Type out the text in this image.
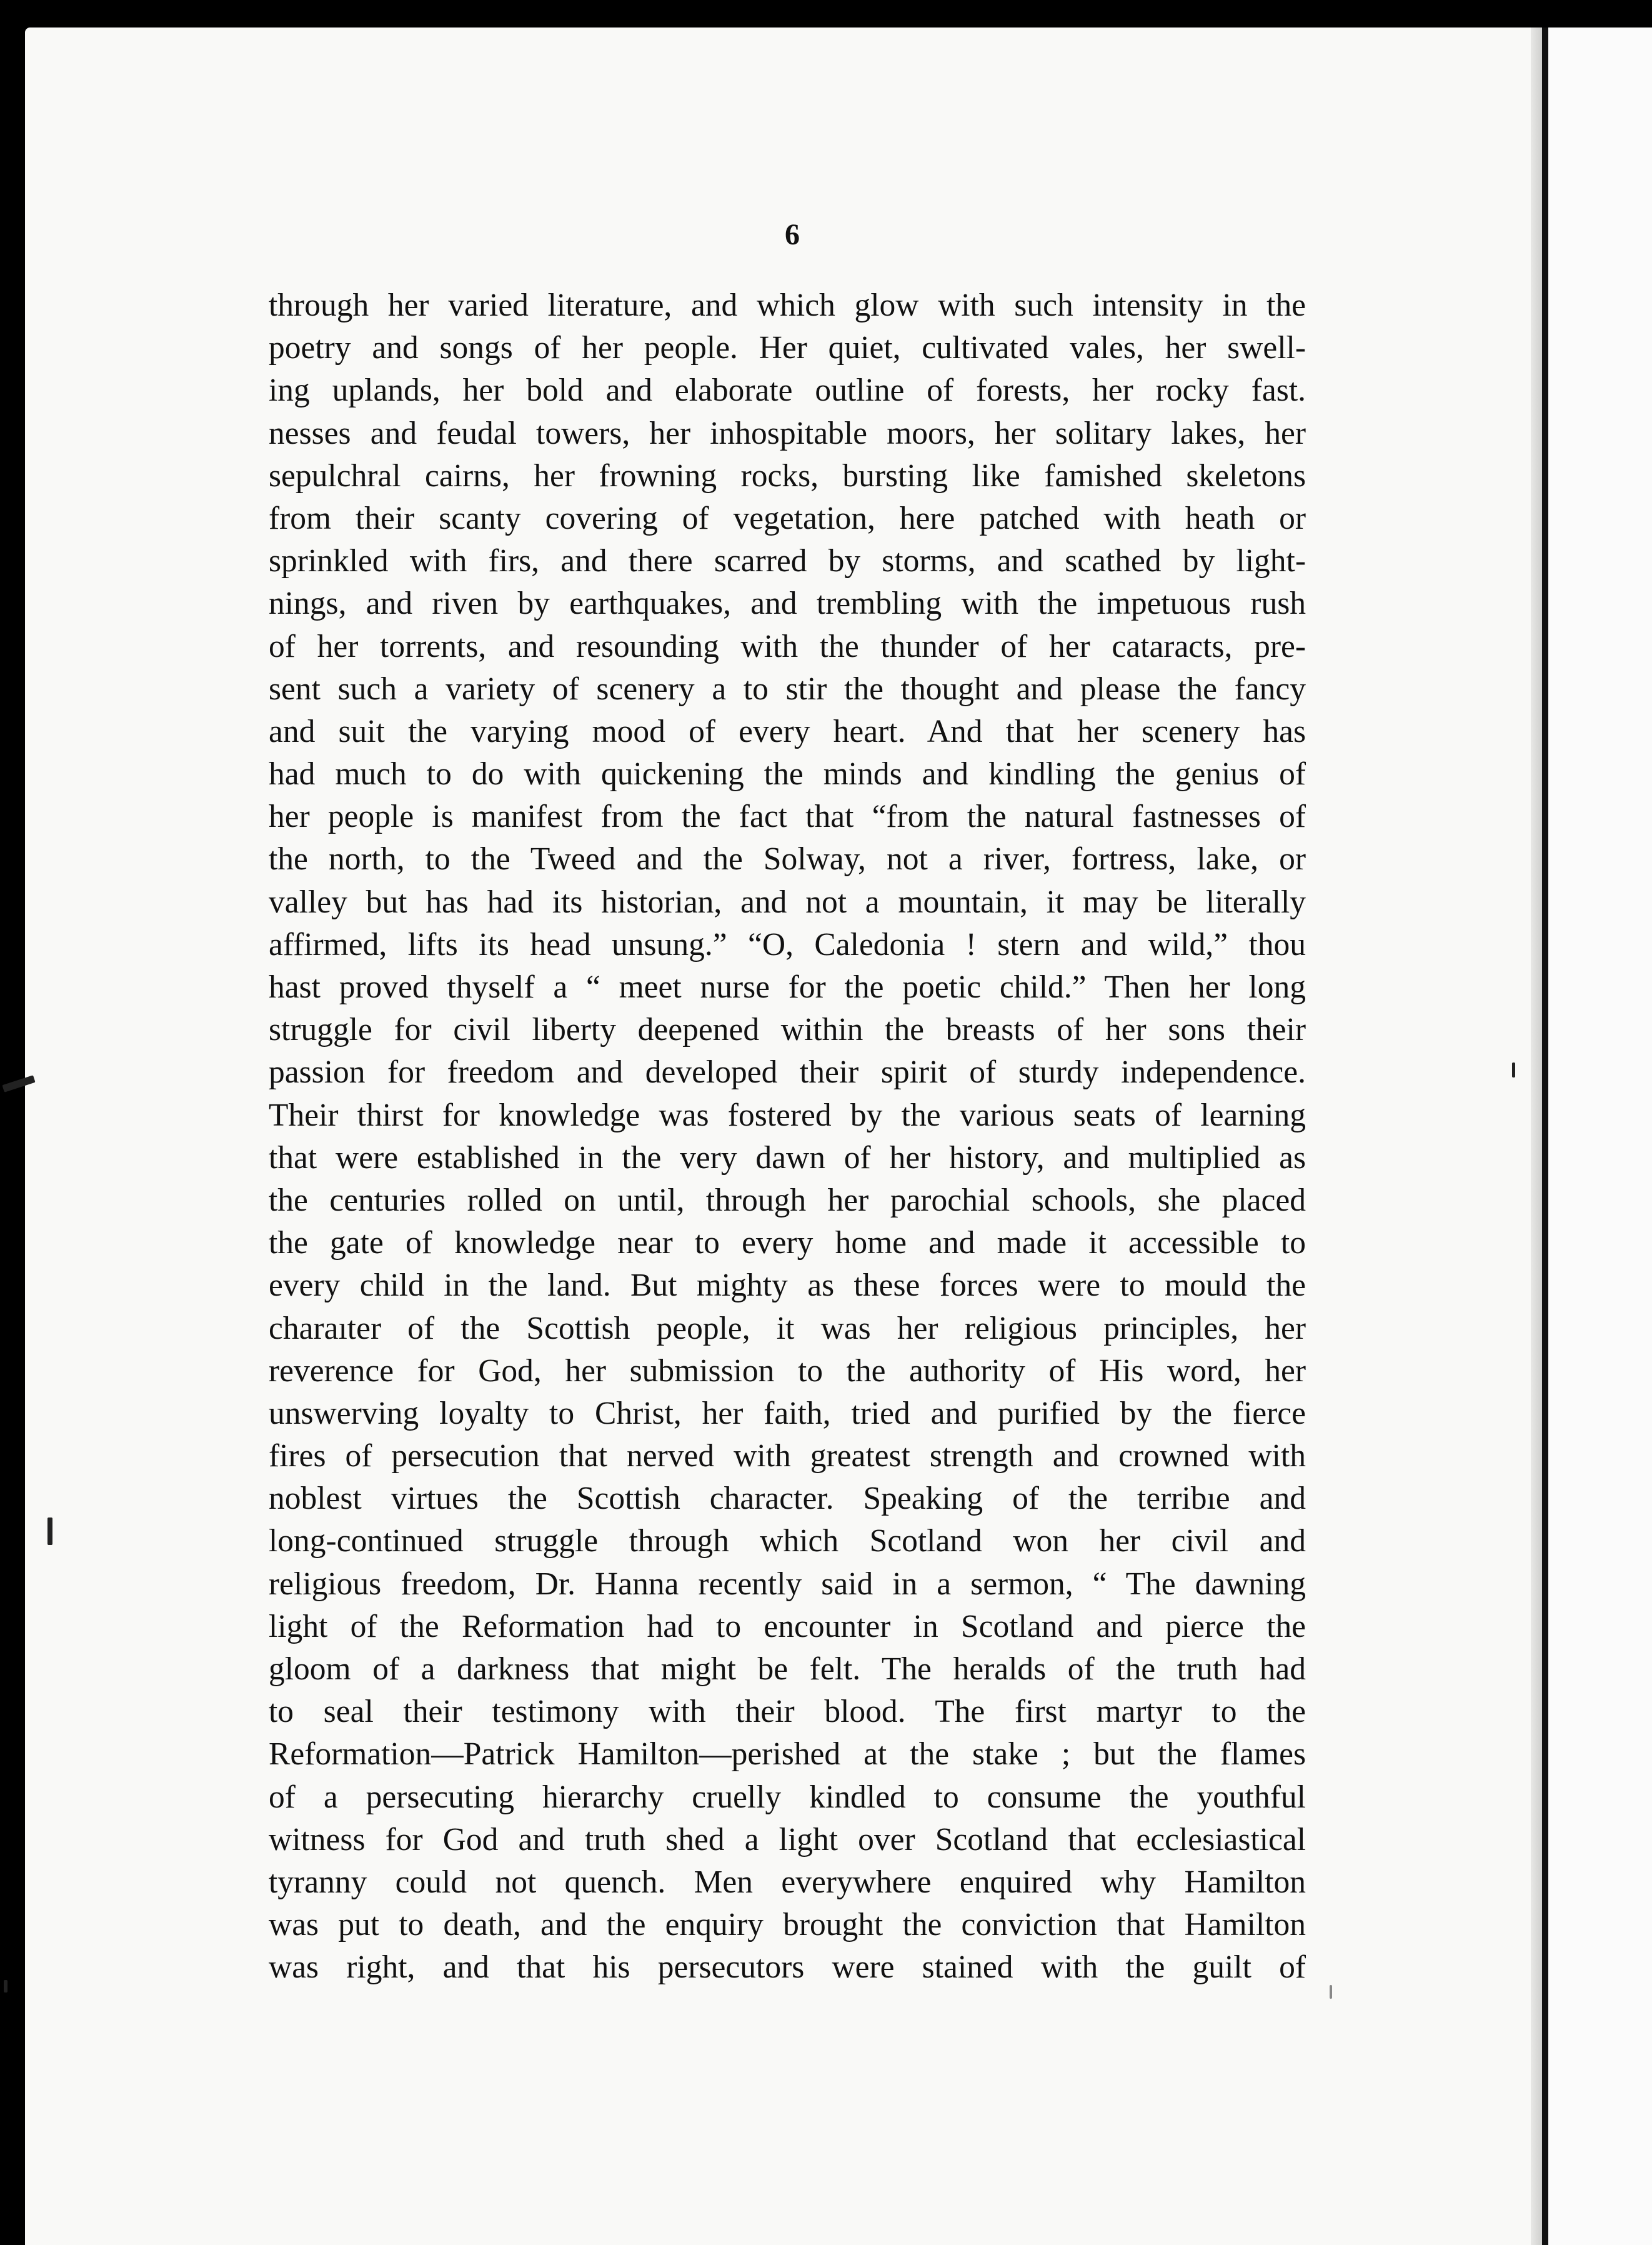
6
through her varied literature, and which glow with such intensity in the
poetry and songs of her people. Her quiet, cultivated vales, her swell-
ing uplands, her bold and elaborate outline of forests, her rocky fast.
nesses and feudal towers, her inhospitable moors, her solitary lakes, her
sepulchral cairns, her frowning rocks, bursting like famished skeletons
from their scanty covering of vegetation, here patched with heath or
sprinkled with firs, and there scarred by storms, and scathed by light-
nings, and riven by earthquakes, and trembling with the impetuous rush
of her torrents, and resounding with the thunder of her cataracts, pre-
sent such a variety of scenery a to stir the thought and please the fancy
and suit the varying mood of every heart. And that her scenery has
had much to do with quickening the minds and kindling the genius of
her people is manifest from the fact that “from the natural fastnesses of
the north, to the Tweed and the Solway, not a river, fortress, lake, or
valley but has had its historian, and not a mountain, it may be literally
affirmed, lifts its head unsung.” “O, Caledonia ! stern and wild,” thou
hast proved thyself a “ meet nurse for the poetic child.” Then her long
struggle for civil liberty deepened within the breasts of her sons their
passion for freedom and developed their spirit of sturdy independence.
Their thirst for knowledge was fostered by the various seats of learning
that were established in the very dawn of her history, and multiplied as
the centuries rolled on until, through her parochial schools, she placed
the gate of knowledge near to every home and made it accessible to
every child in the land. But mighty as these forces were to mould the
charaıter of the Scottish people, it was her religious principles, her
reverence for God, her submission to the authority of His word, her
unswerving loyalty to Christ, her faith, tried and purified by the fierce
fires of persecution that nerved with greatest strength and crowned with
noblest virtues the Scottish character. Speaking of the terribıe and
long-continued struggle through which Scotland won her civil and
religious freedom, Dr. Hanna recently said in a sermon, “ The dawning
light of the Reformation had to encounter in Scotland and pierce the
gloom of a darkness that might be felt. The heralds of the truth had
to seal their testimony with their blood. The first martyr to the
Reformation—Patrick Hamilton—perished at the stake ; but the flames
of a persecuting hierarchy cruelly kindled to consume the youthful
witness for God and truth shed a light over Scotland that ecclesiastical
tyranny could not quench. Men everywhere enquired why Hamilton
was put to death, and the enquiry brought the conviction that Hamilton
was right, and that his persecutors were stained with the guilt of
